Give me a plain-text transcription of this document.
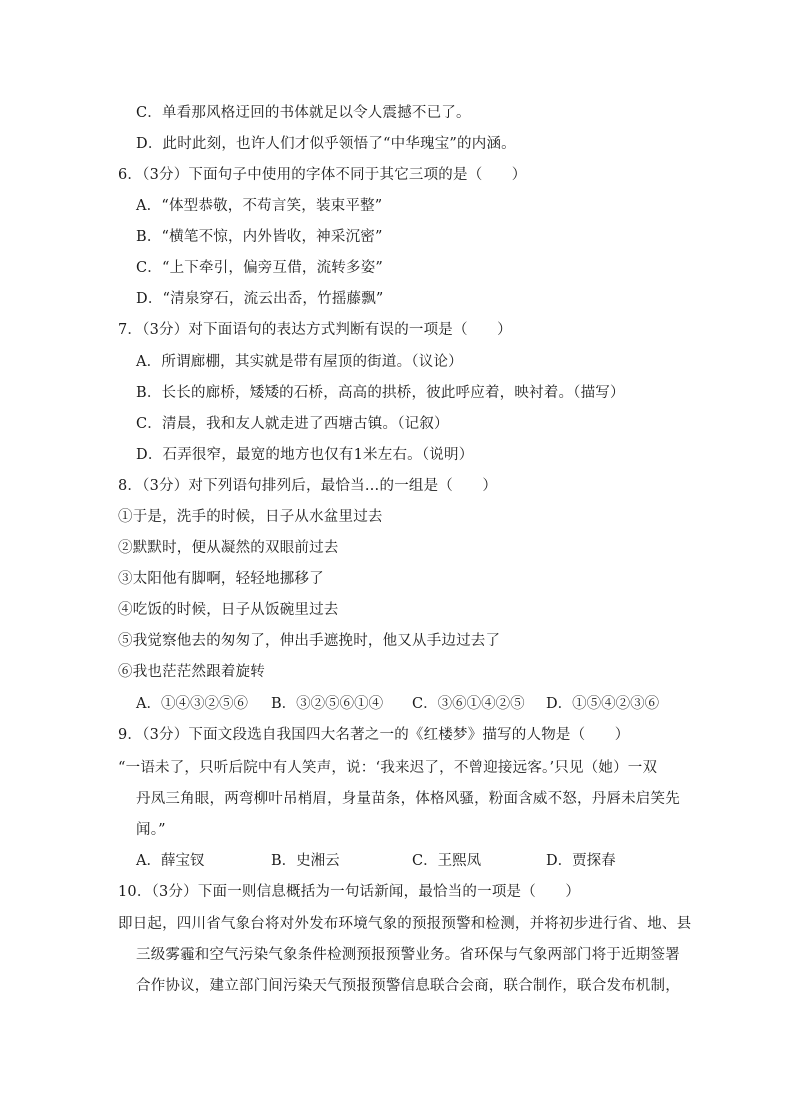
C．单看那风格迂回的书体就足以令人震撼不已了。
D．此时此刻，也许人们才似乎领悟了“中华瑰宝”的内涵。
6．（3分）下面句子中使用的字体不同于其它三项的是（　　）
A．“体型恭敬，不苟言笑，装束平整”
B．“横笔不惊，内外皆收，神采沉密”
C．“上下牵引，偏旁互借，流转多姿”
D．“清泉穿石，流云出岙，竹摇藤飘”
7．（3分）对下面语句的表达方式判断有误的一项是（　　）
A．所谓廊棚，其实就是带有屋顶的街道。（议论）
B．长长的廊桥，矮矮的石桥，高高的拱桥，彼此呼应着，映衬着。（描写）
C．清晨，我和友人就走进了西塘古镇。（记叙）
D．石弄很窄，最宽的地方也仅有1米左右。（说明）
8．（3分）对下列语句排列后，最恰当…的一组是（　　）
①于是，洗手的时候，日子从水盆里过去
②默默时，便从凝然的双眼前过去
③太阳他有脚啊，轻轻地挪移了
④吃饭的时候，日子从饭碗里过去
⑤我觉察他去的匆匆了，伸出手遮挽时，他又从手边过去了
⑥我也茫茫然跟着旋转
A．①④③②⑤⑥ B．③②⑤⑥①④ C．③⑥①④②⑤ D．①⑤④②③⑥
9．（3分）下面文段选自我国四大名著之一的《红楼梦》描写的人物是（　　）
“一语未了，只听后院中有人笑声，说：‘我来迟了，不曾迎接远客。’只见（她）一双
丹凤三角眼，两弯柳叶吊梢眉，身量苗条，体格风骚，粉面含威不怒，丹唇未启笑先
闻。”
A．薛宝钗	B．史湘云	C．王熙凤	D．贾探春
10．（3分）下面一则信息概括为一句话新闻，最恰当的一项是（　　）
即日起，四川省气象台将对外发布环境气象的预报预警和检测，并将初步进行省、地、县
三级雾霾和空气污染气象条件检测预报预警业务。省环保与气象两部门将于近期签署
合作协议，建立部门间污染天气预报预警信息联合会商，联合制作，联合发布机制，
